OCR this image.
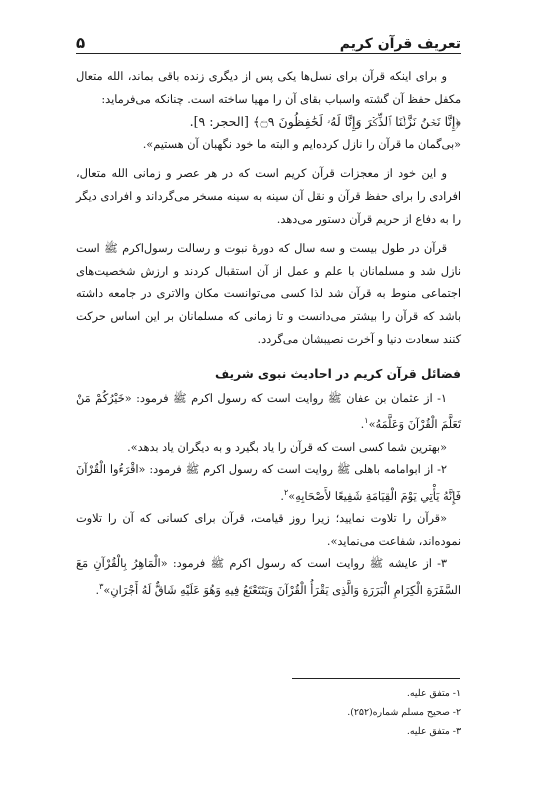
تعریف قرآن کریم
۵

و برای اینکه قرآن برای نسل‌ها یکی پس از دیگری زنده باقی بماند، الله متعال مکفل حفظ آن گشته واسباب بقای آن را مهیا ساخته است. چنانکه می‌فرماید:

﴿إِنَّا نَحۡنُ نَزَّلۡنَا ٱلذِّكۡرَ وَإِنَّا لَهُۥ لَحَٰفِظُونَ ۝٩﴾ [الحجر: ۹].

«بی‌گمان ما قرآن را نازل کرده‌ایم و البته ما خود نگهبان آن هستیم».

و این خود از معجزات قرآن کریم است که در هر عصر و زمانی الله متعال، افرادی را برای حفظ قرآن و نقل آن سینه به سینه مسخر می‌گرداند و افرادی دیگر را به دفاع از حریم قرآن دستور می‌دهد.

قرآن در طول بیست و سه سال که دورهٔ نبوت و رسالت رسول‌اکرم ﷺ است نازل شد و مسلمانان با علم و عمل از آن استقبال کردند و ارزش شخصیت‌های اجتماعی منوط به قرآن شد لذا کسی می‌توانست مکان والاتری در جامعه داشته باشد که قرآن را بیشتر می‌دانست و تا زمانی که مسلمانان بر این اساس حرکت کنند سعادت دنیا و آخرت نصیبشان می‌گردد.

فضائل قرآن کریم در احادیث نبوی شریف

۱- از عثمان بن عفان ﷺ روایت است که رسول اکرم ﷺ فرمود: «خَيْرُكُمْ مَنْ تَعَلَّمَ الْقُرْآنَ وَعَلَّمَهُ»$^۱$.

«بهترین شما کسی است که قرآن را یاد بگیرد و به دیگران یاد بدهد».

۲- از ابوامامه باهلی ﷺ روایت است که رسول اکرم ﷺ فرمود: «اقْرَءُوا الْقُرْآنَ فَإِنَّهُ يَأْتِي يَوْمَ الْقِيَامَةِ شَفِيعًا لأَصْحَابِهِ»$^۲$.

«قرآن را تلاوت نمایید؛ زیرا روز قیامت، قرآن برای کسانی که آن را تلاوت نموده‌اند، شفاعت می‌نماید».

۳- از عایشه ﷺ روایت است که رسول اکرم ﷺ فرمود: «الْمَاهِرُ بِالْقُرْآنِ مَعَ السَّفَرَةِ الْكِرَامِ الْبَرَرَةِ وَالَّذِى يَقْرَأُ الْقُرْآنَ وَيَتَتَعْتَعُ فِيهِ وَهُوَ عَلَيْهِ شَاقٌّ لَهُ أَجْرَانِ»$^۳$.

۱- متفق علیه.
۲- صحیح مسلم شماره(۲۵۲).
۳- متفق علیه.
